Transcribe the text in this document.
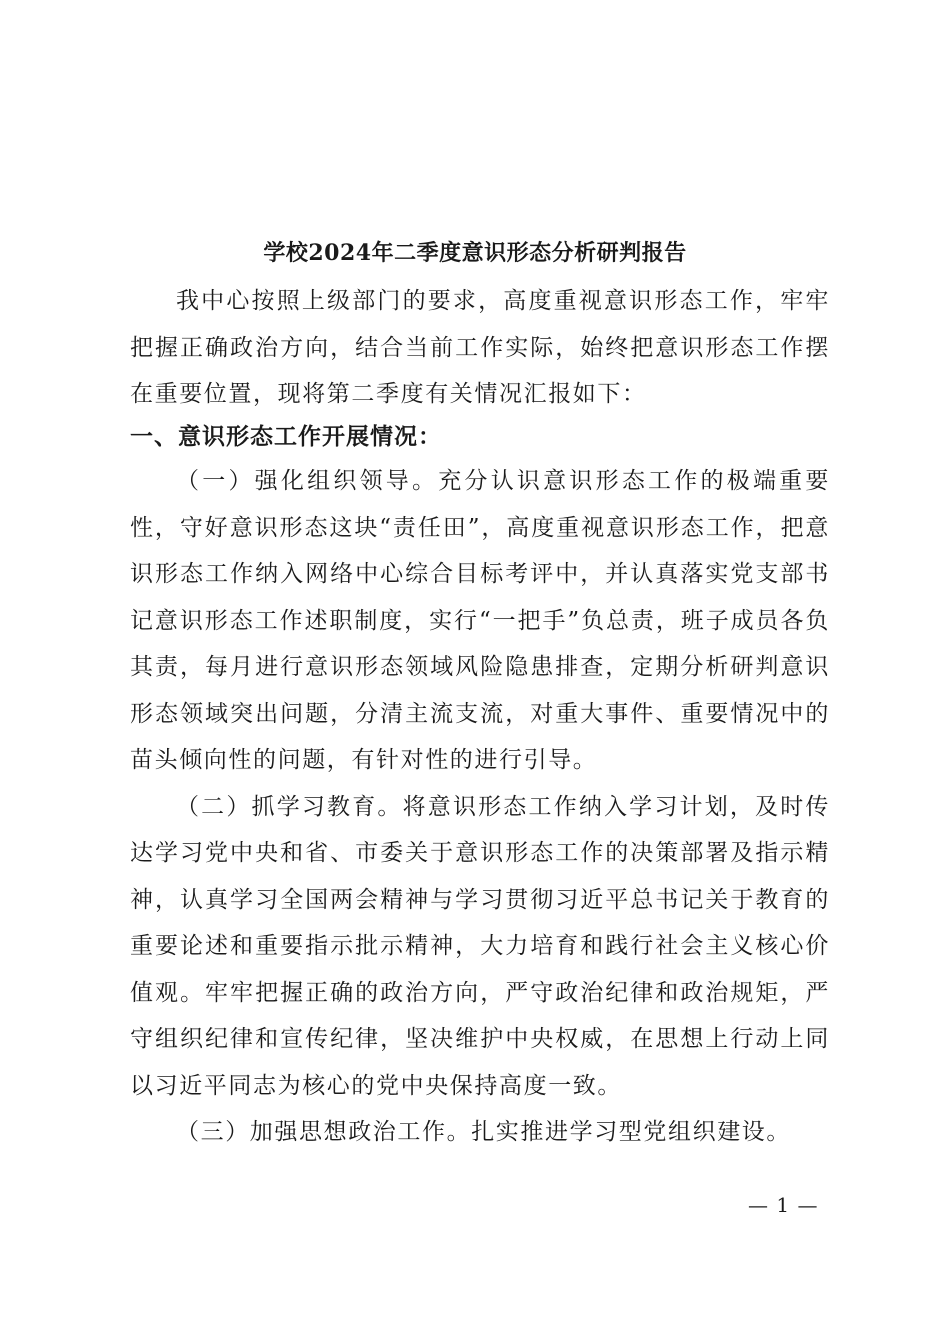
学校2024年二季度意识形态分析研判报告

我中心按照上级部门的要求，高度重视意识形态工作，牢牢把握正确政治方向，结合当前工作实际，始终把意识形态工作摆在重要位置，现将第二季度有关情况汇报如下：

一、意识形态工作开展情况：

（一）强化组织领导。充分认识意识形态工作的极端重要性，守好意识形态这块“责任田”，高度重视意识形态工作，把意识形态工作纳入网络中心综合目标考评中，并认真落实党支部书记意识形态工作述职制度，实行“一把手”负总责，班子成员各负其责，每月进行意识形态领域风险隐患排查，定期分析研判意识形态领域突出问题，分清主流支流，对重大事件、重要情况中的苗头倾向性的问题，有针对性的进行引导。

（二）抓学习教育。将意识形态工作纳入学习计划，及时传达学习党中央和省、市委关于意识形态工作的决策部署及指示精神，认真学习全国两会精神与学习贯彻习近平总书记关于教育的重要论述和重要指示批示精神，大力培育和践行社会主义核心价值观。牢牢把握正确的政治方向，严守政治纪律和政治规矩，严守组织纪律和宣传纪律，坚决维护中央权威，在思想上行动上同以习近平同志为核心的党中央保持高度一致。

（三）加强思想政治工作。扎实推进学习型党组织建设。

— 1 —
